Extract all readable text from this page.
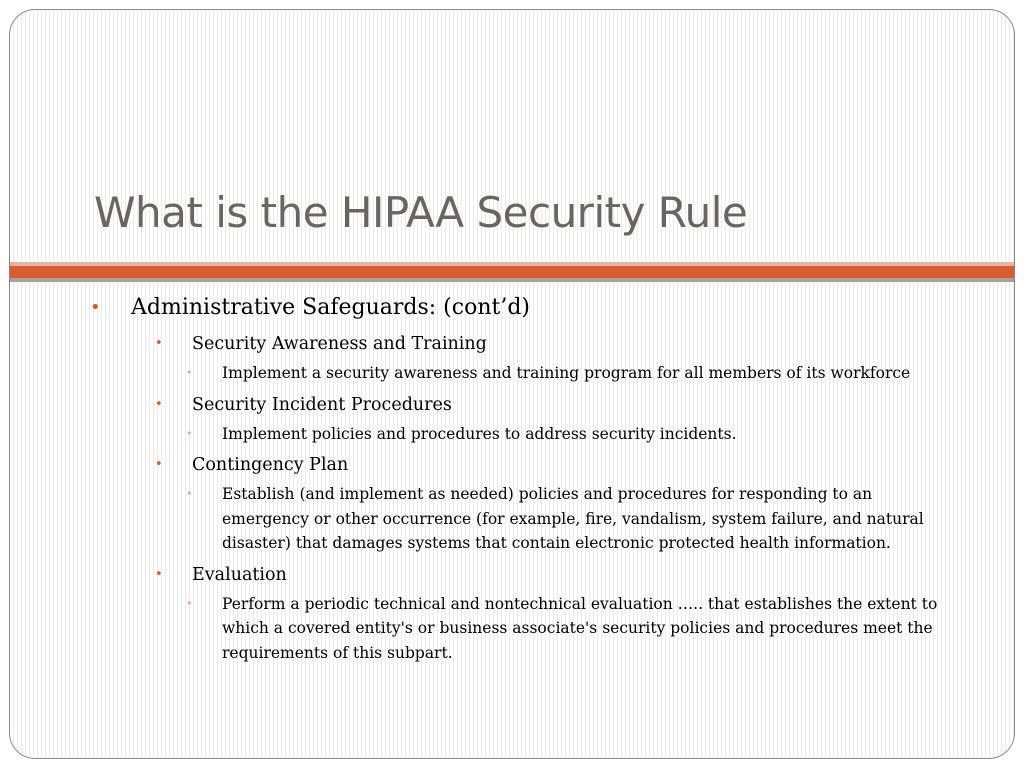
What is the HIPAA Security Rule
• Administrative Safeguards: (cont’d)
• Security Awareness and Training
• Implement a security awareness and training program for all members of its workforce
• Security Incident Procedures
• Implement policies and procedures to address security incidents.
• Contingency Plan
• Establish (and implement as needed) policies and procedures for responding to an emergency or other occurrence (for example, fire, vandalism, system failure, and natural disaster) that damages systems that contain electronic protected health information.
• Evaluation
• Perform a periodic technical and nontechnical evaluation ….. that establishes the extent to which a covered entity's or business associate's security policies and procedures meet the requirements of this subpart.
